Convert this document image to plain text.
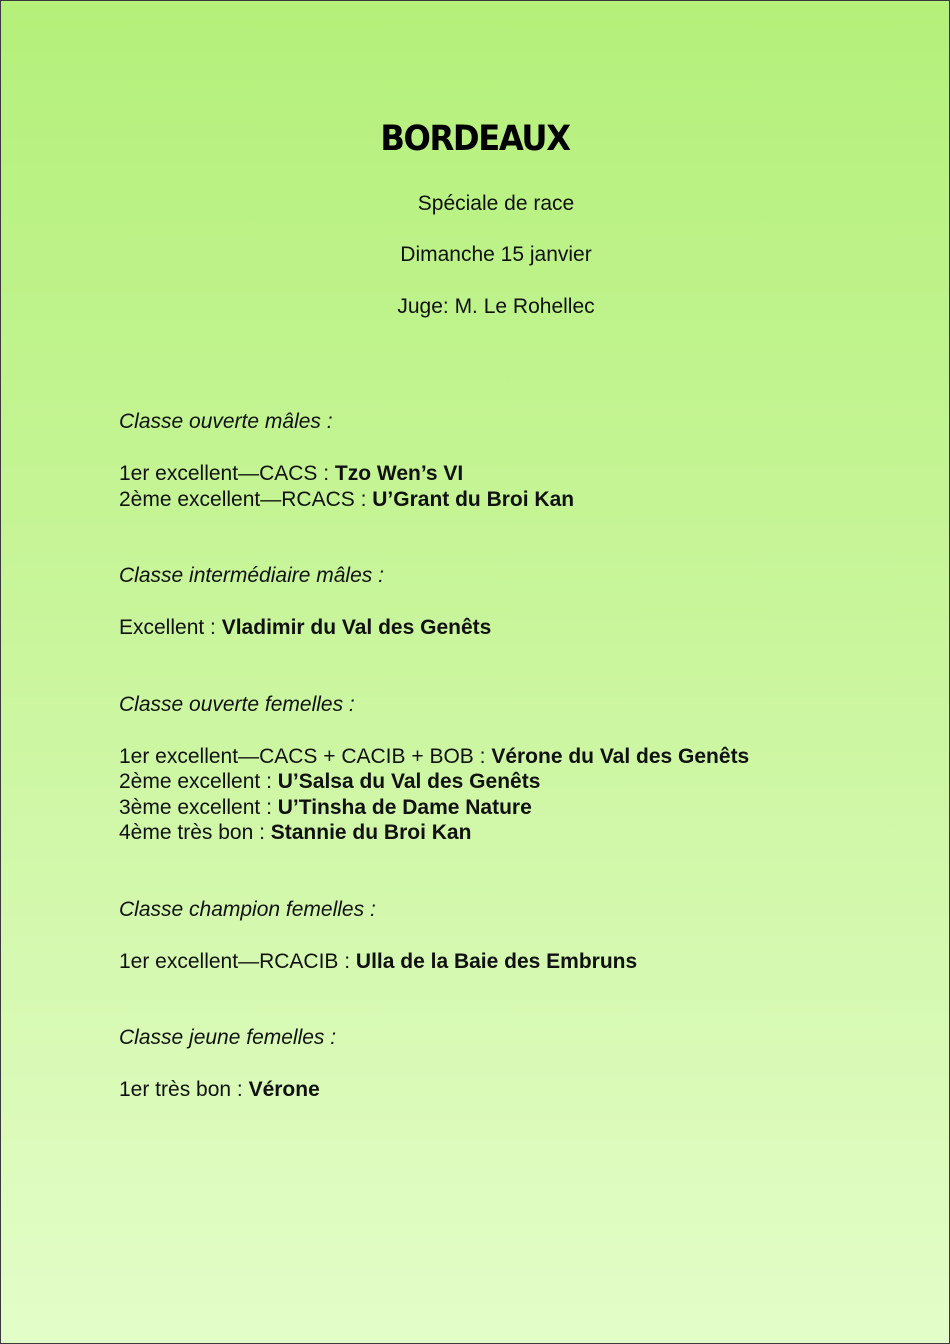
BORDEAUX
Spéciale de race
Dimanche 15 janvier
Juge: M. Le Rohellec
Classe ouverte mâles :
1er excellent—CACS : Tzo Wen’s VI
2ème excellent—RCACS : U’Grant du Broi Kan
Classe intermédiaire mâles :
Excellent : Vladimir du Val des Genêts
Classe ouverte femelles :
1er excellent—CACS + CACIB + BOB : Vérone du Val des Genêts
2ème excellent : U’Salsa du Val des Genêts
3ème excellent : U’Tinsha de Dame Nature
4ème très bon : Stannie du Broi Kan
Classe champion femelles :
1er excellent—RCACIB : Ulla de la Baie des Embruns
Classe jeune femelles :
1er très bon : Vérone
